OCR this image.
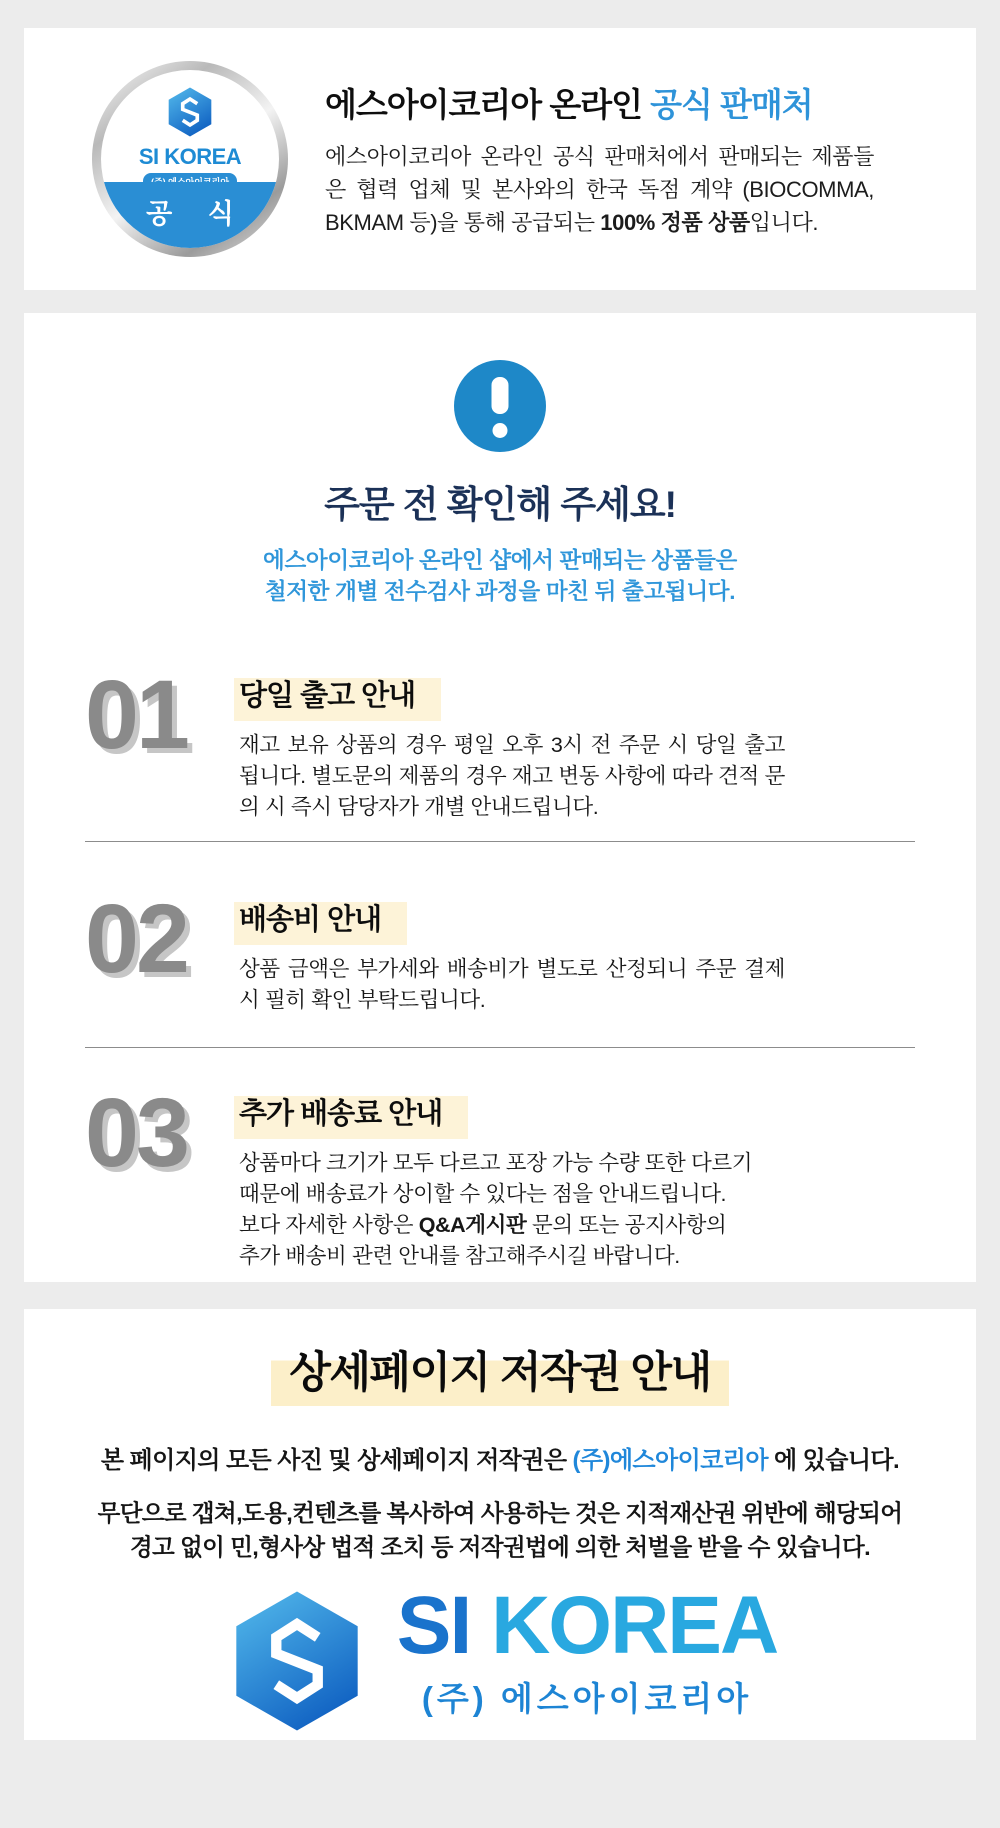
SI KOREA
공 식
에스아이코리아 온라인 공식 판매처

에스아이코리아 온라인 공식 판매처에서 판매되는 제품들은 협력 업체 및 본사와의 한국 독점 계약 (BIOCOMMA, BKMAM 등)을 통해 공급되는 100% 정품 상품입니다.

주문 전 확인해 주세요!
에스아이코리아 온라인 샵에서 판매되는 상품들은
철저한 개별 전수검사 과정을 마친 뒤 출고됩니다.
01	당일 출고 안내

재고 보유 상품의 경우 평일 오후 3시 전 주문 시 당일 출고 됩니다. 별도문의 제품의 경우 재고 변동 사항에 따라 견적 문의 시 즉시 담당자가 개별 안내드립니다.

02	배송비 안내

상품 금액은 부가세와 배송비가 별도로 산정되니 주문 결제 시 필히 확인 부탁드립니다.

03	추가 배송료 안내
상품마다 크기가 모두 다르고 포장 가능 수량 또한 다르기
때문에 배송료가 상이할 수 있다는 점을 안내드립니다.
보다 자세한 사항은 Q&A게시판 문의 또는 공지사항의
추가 배송비 관련 안내를 참고해주시길 바랍니다.
상세페이지 저작권 안내

본 페이지의 모든 사진 및 상세페이지 저작권은 (주)에스아이코리아 에 있습니다.

무단으로 갭쳐,도용,컨텐츠를 복사하여 사용하는 것은 지적재산권 위반에 해당되어
경고 없이 민,형사상 법적 조치 등 저작권법에 의한 처벌을 받을 수 있습니다.
SI KOREA
(주) 에스아이코리아
